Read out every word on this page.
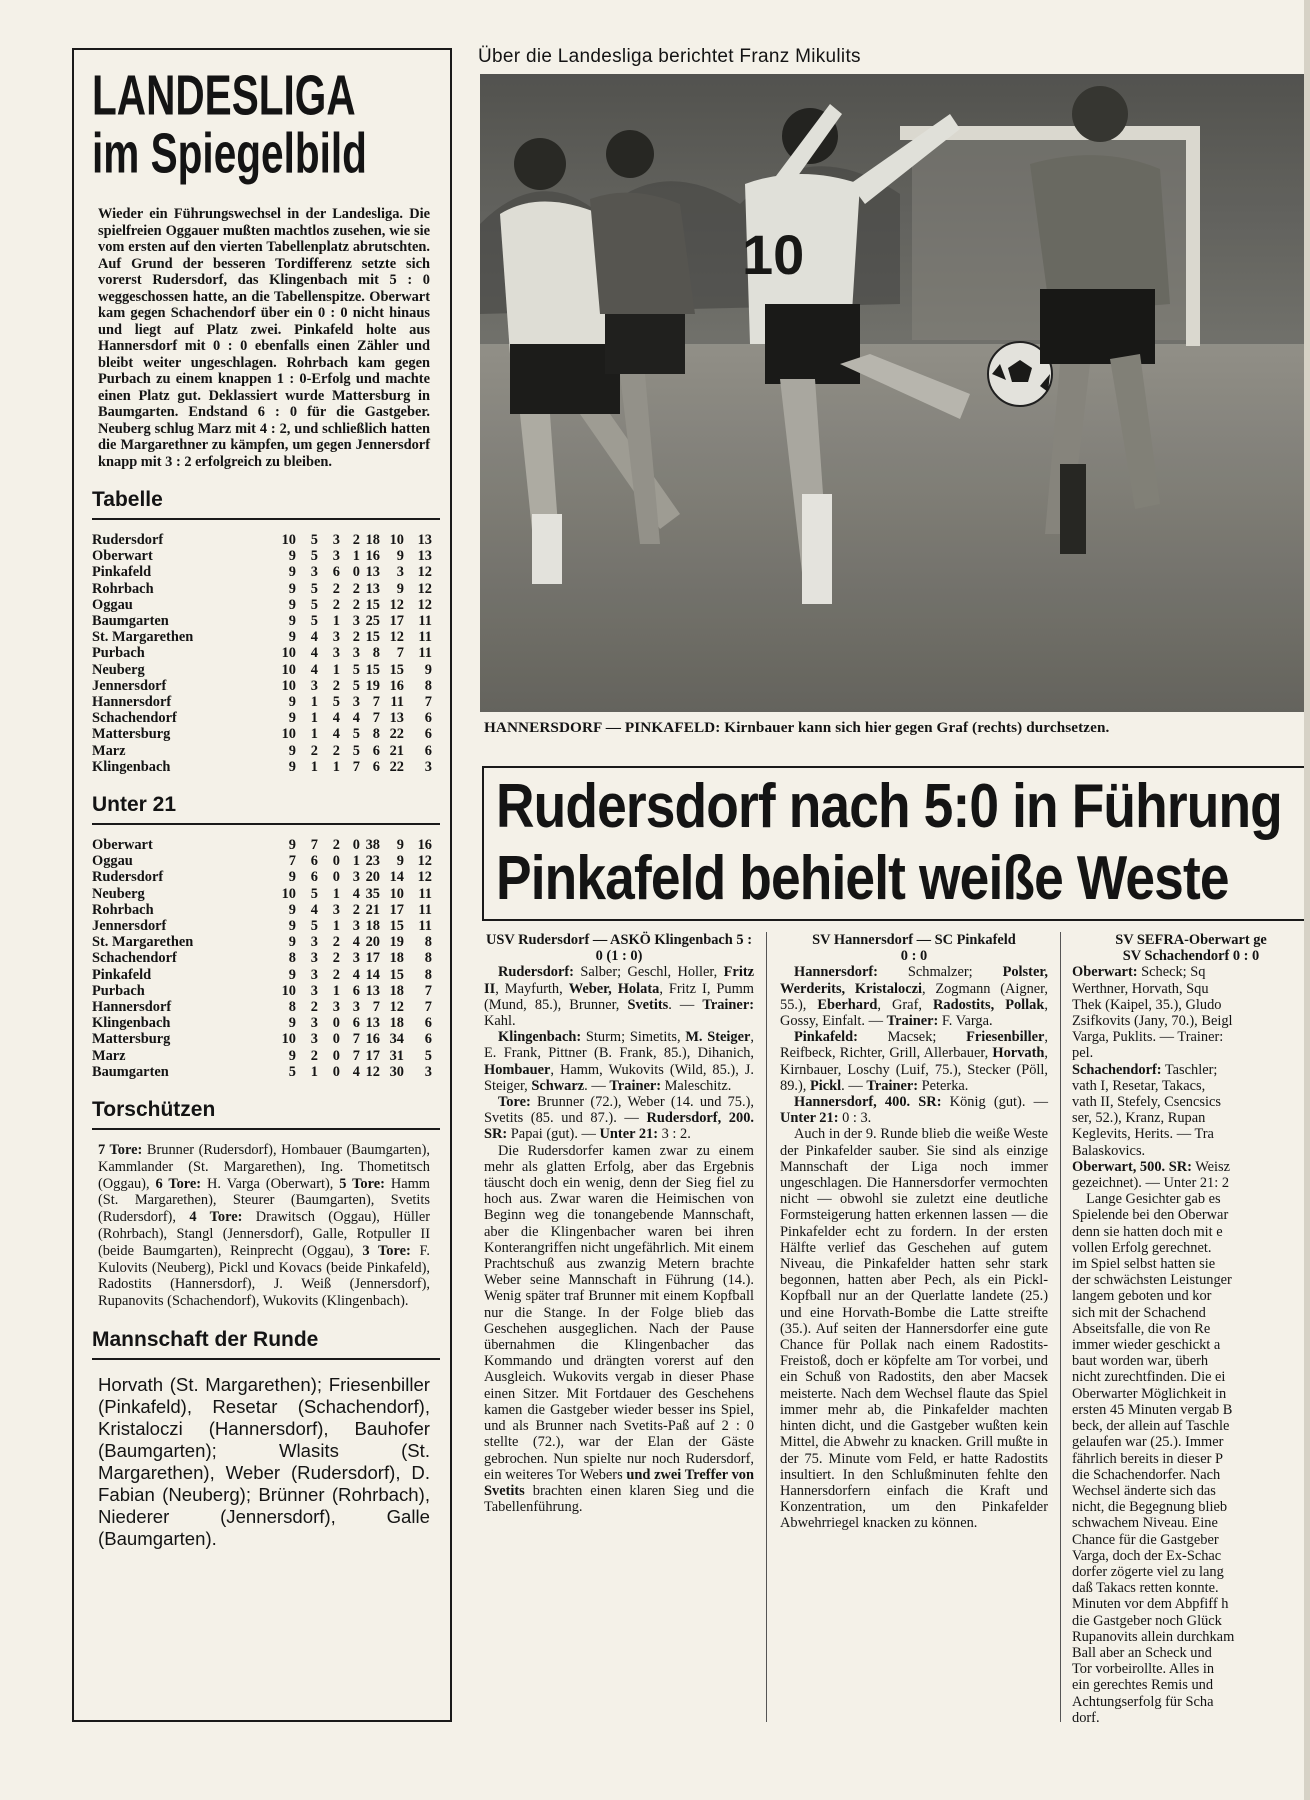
LANDESLIGA
im Spiegelbild
Wieder ein Führungswechsel in der Landesliga. Die spielfreien Oggauer mußten machtlos zusehen, wie sie vom ersten auf den vierten Tabellenplatz abrutschten. Auf Grund der besseren Tordifferenz setzte sich vorerst Rudersdorf, das Klingenbach mit 5 : 0 weggeschossen hatte, an die Tabellenspitze. Oberwart kam gegen Schachendorf über ein 0 : 0 nicht hinaus und liegt auf Platz zwei. Pinkafeld holte aus Hannersdorf mit 0 : 0 ebenfalls einen Zähler und bleibt weiter ungeschlagen. Rohrbach kam gegen Purbach zu einem knappen 1 : 0-Erfolg und machte einen Platz gut. Deklassiert wurde Mattersburg in Baumgarten. Endstand 6 : 0 für die Gastgeber. Neuberg schlug Marz mit 4 : 2, und schließlich hatten die Margarethner zu kämpfen, um gegen Jennersdorf knapp mit 3 : 2 erfolgreich zu bleiben.
Tabelle
Rudersdorf	10	5	3	2	18	10	13
Oberwart	9	5	3	1	16	9	13
Pinkafeld	9	3	6	0	13	3	12
Rohrbach	9	5	2	2	13	9	12
Oggau	9	5	2	2	15	12	12
Baumgarten	9	5	1	3	25	17	11
St. Margarethen	9	4	3	2	15	12	11
Purbach	10	4	3	3	8	7	11
Neuberg	10	4	1	5	15	15	9
Jennersdorf	10	3	2	5	19	16	8
Hannersdorf	9	1	5	3	7	11	7
Schachendorf	9	1	4	4	7	13	6
Mattersburg	10	1	4	5	8	22	6
Marz	9	2	2	5	6	21	6
Klingenbach	9	1	1	7	6	22	3
Unter 21
Oberwart	9	7	2	0	38	9	16
Oggau	7	6	0	1	23	9	12
Rudersdorf	9	6	0	3	20	14	12
Neuberg	10	5	1	4	35	10	11
Rohrbach	9	4	3	2	21	17	11
Jennersdorf	9	5	1	3	18	15	11
St. Margarethen	9	3	2	4	20	19	8
Schachendorf	8	3	2	3	17	18	8
Pinkafeld	9	3	2	4	14	15	8
Purbach	10	3	1	6	13	18	7
Hannersdorf	8	2	3	3	7	12	7
Klingenbach	9	3	0	6	13	18	6
Mattersburg	10	3	0	7	16	34	6
Marz	9	2	0	7	17	31	5
Baumgarten	5	1	0	4	12	30	3
Torschützen
7 Tore: Brunner (Rudersdorf), Hombauer (Baumgarten), Kammlander (St. Margarethen), Ing. Thometitsch (Oggau), 6 Tore: H. Varga (Oberwart), 5 Tore: Hamm (St. Margarethen), Steurer (Baumgarten), Svetits (Rudersdorf), 4 Tore: Drawitsch (Oggau), Hüller (Rohrbach), Stangl (Jennersdorf), Galle, Rotpuller II (beide Baumgarten), Reinprecht (Oggau), 3 Tore: F. Kulovits (Neuberg), Pickl und Kovacs (beide Pinkafeld), Radostits (Hannersdorf), J. Weiß (Jennersdorf), Rupanovits (Schachendorf), Wukovits (Klingenbach).
Mannschaft der Runde
Horvath (St. Margarethen); Friesenbiller (Pinkafeld), Resetar (Schachendorf), Kristaloczi (Hannersdorf), Bauhofer (Baumgarten); Wlasits (St. Margarethen), Weber (Rudersdorf), D. Fabian (Neuberg); Brünner (Rohrbach), Niederer (Jennersdorf), Galle (Baumgarten).
Über die Landesliga berichtet Franz Mikulits
10
HANNERSDORF — PINKAFELD: Kirnbauer kann sich hier gegen Graf (rechts) durchsetzen.
Rudersdorf nach 5:0 in Führung
Pinkafeld behielt weiße Weste
USV Rudersdorf — ASKÖ Klingenbach 5 : 0 (1 : 0)

Rudersdorf: Salber; Geschl, Holler, Fritz II, Mayfurth, Weber, Holata, Fritz I, Pumm (Mund, 85.), Brunner, Svetits. — Trainer: Kahl.

Klingenbach: Sturm; Simetits, M. Steiger, E. Frank, Pittner (B. Frank, 85.), Dihanich, Hombauer, Hamm, Wukovits (Wild, 85.), J. Steiger, Schwarz. — Trainer: Maleschitz.

Tore: Brunner (72.), Weber (14. und 75.), Svetits (85. und 87.). — Rudersdorf, 200. SR: Papai (gut). — Unter 21: 3 : 2.

Die Rudersdorfer kamen zwar zu einem mehr als glatten Erfolg, aber das Ergebnis täuscht doch ein wenig, denn der Sieg fiel zu hoch aus. Zwar waren die Heimischen von Beginn weg die tonangebende Mannschaft, aber die Klingenbacher waren bei ihren Konterangriffen nicht ungefährlich. Mit einem Prachtschuß aus zwanzig Metern brachte Weber seine Mannschaft in Führung (14.). Wenig später traf Brunner mit einem Kopfball nur die Stange. In der Folge blieb das Geschehen ausgeglichen. Nach der Pause übernahmen die Klingenbacher das Kommando und drängten vorerst auf den Ausgleich. Wukovits vergab in dieser Phase einen Sitzer. Mit Fortdauer des Geschehens kamen die Gastgeber wieder besser ins Spiel, und als Brunner nach Svetits-Paß auf 2 : 0 stellte (72.), war der Elan der Gäste gebrochen. Nun spielte nur noch Rudersdorf, ein weiteres Tor Webers und zwei Treffer von Svetits brachten einen klaren Sieg und die Tabellenführung.

SV Hannersdorf — SC Pinkafeld
0 : 0

Hannersdorf: Schmalzer; Polster, Werderits, Kristaloczi, Zogmann (Aigner, 55.), Eberhard, Graf, Radostits, Pollak, Gossy, Einfalt. — Trainer: F. Varga.

Pinkafeld: Macsek; Friesenbiller, Reifbeck, Richter, Grill, Allerbauer, Horvath, Kirnbauer, Loschy (Luif, 75.), Stecker (Pöll, 89.), Pickl. — Trainer: Peterka.

Hannersdorf, 400. SR: König (gut). — Unter 21: 0 : 3.

Auch in der 9. Runde blieb die weiße Weste der Pinkafelder sauber. Sie sind als einzige Mannschaft der Liga noch immer ungeschlagen. Die Hannersdorfer vermochten nicht — obwohl sie zuletzt eine deutliche Formsteigerung hatten erkennen lassen — die Pinkafelder echt zu fordern. In der ersten Hälfte verlief das Geschehen auf gutem Niveau, die Pinkafelder hatten sehr stark begonnen, hatten aber Pech, als ein Pickl-Kopfball nur an der Querlatte landete (25.) und eine Horvath-Bombe die Latte streifte (35.). Auf seiten der Hannersdorfer eine gute Chance für Pollak nach einem Radostits-Freistoß, doch er köpfelte am Tor vorbei, und ein Schuß von Radostits, den aber Macsek meisterte. Nach dem Wechsel flaute das Spiel immer mehr ab, die Pinkafelder machten hinten dicht, und die Gastgeber wußten kein Mittel, die Abwehr zu knacken. Grill mußte in der 75. Minute vom Feld, er hatte Radostits insultiert. In den Schlußminuten fehlte den Hannersdorfern einfach die Kraft und Konzentration, um den Pinkafelder Abwehrriegel knacken zu können.

SV SEFRA-Oberwart ge
SV Schachendorf 0 : 0
Oberwart: Scheck; Sq
Werthner, Horvath, Squ
Thek (Kaipel, 35.), Gludo
Zsifkovits (Jany, 70.), Beigl
Varga, Puklits. — Trainer:
pel.
Schachendorf: Taschler;
vath I, Resetar, Takacs,
vath II, Stefely, Csencsics
ser, 52.), Kranz, Rupan
Keglevits, Herits. — Tra
Balaskovics.
Oberwart, 500. SR: Weisz
gezeichnet). — Unter 21: 2
Lange Gesichter gab es
Spielende bei den Oberwar
denn sie hatten doch mit e
vollen Erfolg gerechnet.
im Spiel selbst hatten sie
der schwächsten Leistunger
langem geboten und kor
sich mit der Schachend
Abseitsfalle, die von Re
immer wieder geschickt a
baut worden war, überh
nicht zurechtfinden. Die ei
Oberwarter Möglichkeit in
ersten 45 Minuten vergab B
beck, der allein auf Taschle
gelaufen war (25.). Immer
fährlich bereits in dieser P
die Schachendorfer. Nach
Wechsel änderte sich das
nicht, die Begegnung blieb
schwachem Niveau. Eine
Chance für die Gastgeber
Varga, doch der Ex-Schac
dorfer zögerte viel zu lang
daß Takacs retten konnte.
Minuten vor dem Abpfiff h
die Gastgeber noch Glück
Rupanovits allein durchkam
Ball aber an Scheck und
Tor vorbeirollte. Alles in
ein gerechtes Remis und
Achtungserfolg für Scha
dorf.
